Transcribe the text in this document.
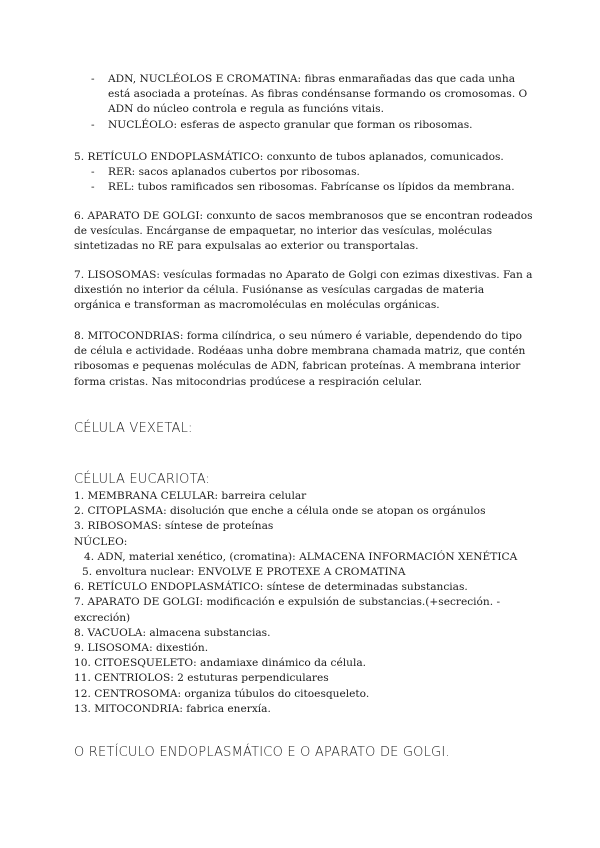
- ADN, NUCLÉOLOS E CROMATINA: fibras enmarañadas das que cada unha está asociada a proteínas. As fibras condénsanse formando os cromosomas. O ADN do núcleo controla e regula as funcións vitais.

- NUCLÉOLO: esferas de aspecto granular que forman os ribosomas.

5. RETÍCULO ENDOPLASMÁTICO: conxunto de tubos aplanados, comunicados.

- RER: sacos aplanados cubertos por ribosomas.

- REL: tubos ramificados sen ribosomas. Fabrícanse os lípidos da membrana.

6. APARATO DE GOLGI: conxunto de sacos membranosos que se encontran rodeados de vesículas. Encárganse de empaquetar, no interior das vesículas, moléculas sintetizadas no RE para expulsalas ao exterior ou transportalas.

7. LISOSOMAS: vesículas formadas no Aparato de Golgi con ezimas dixestivas. Fan a dixestión no interior da célula. Fusiónanse as vesículas cargadas de materia orgánica e transforman as macromoléculas en moléculas orgánicas.

8. MITOCONDRIAS: forma cilíndrica, o seu número é variable, dependendo do tipo de célula e actividade. Rodéaas unha dobre membrana chamada matriz, que contén ribosomas e pequenas moléculas de ADN, fabrican proteínas. A membrana interior forma cristas. Nas mitocondrias prodúcese a respiración celular.

CÉLULA VEXETAL:

CÉLULA EUCARIOTA:

1. MEMBRANA CELULAR: barreira celular

2. CITOPLASMA: disolución que enche a célula onde se atopan os orgánulos

3. RIBOSOMAS: síntese de proteínas

NÚCLEO:

4. ADN, material xenético, (cromatina): ALMACENA INFORMACIÓN XENÉTICA

5. envoltura nuclear: ENVOLVE E PROTEXE A CROMATINA

6. RETÍCULO ENDOPLASMÁTICO: síntese de determinadas substancias.

7. APARATO DE GOLGI: modificación e expulsión de substancias.(+secreción. - excreción)

8. VACUOLA: almacena substancias.

9. LISOSOMA: dixestión.

10. CITOESQUELETO: andamiaxe dinámico da célula.

11. CENTRIOLOS: 2 estuturas perpendiculares

12. CENTROSOMA: organiza túbulos do citoesqueleto.

13. MITOCONDRIA: fabrica enerxía.

O RETÍCULO ENDOPLASMÁTICO E O APARATO DE GOLGI.
